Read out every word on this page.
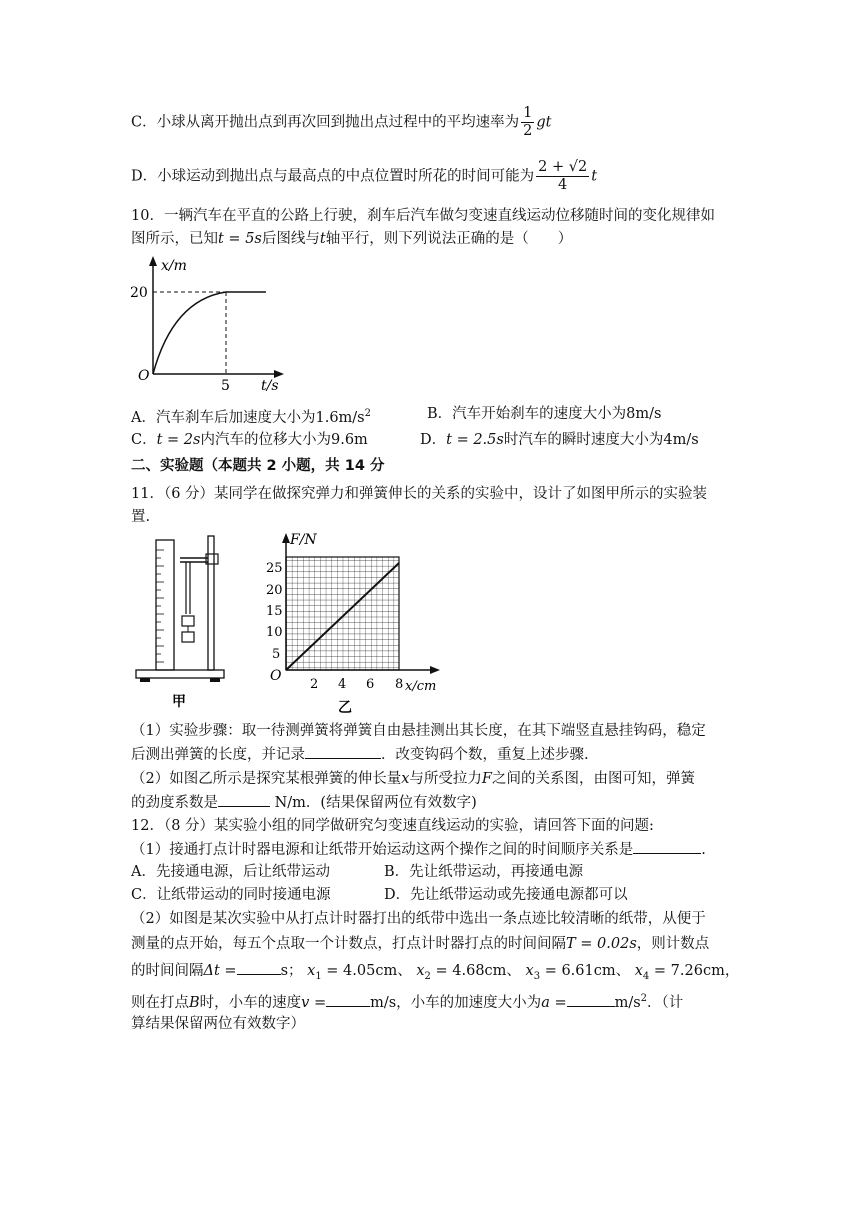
C．小球从离开抛出点到再次回到抛出点过程中的平均速率为 $\frac{1}{2}$ gt
D．小球运动到抛出点与最高点的中点位置时所花的时间可能为 $\frac{2 + √2}{4}$ t
10．一辆汽车在平直的公路上行驶，刹车后汽车做匀变速直线运动位移随时间的变化规律如
图所示，已知t = 5s后图线与t轴平行，则下列说法正确的是（　　）
x/m
20
O
5 t/s
A．汽车刹车后加速度大小为$1.6m/s^2$	B．汽车开始刹车的速度大小为8m/s
C．t = 2s内汽车的位移大小为9.6m	D．t = 2.5s时汽车的瞬时速度大小为4m/s
二、实验题（本题共 2 小题，共 14 分
11．（6 分）某同学在做探究弹力和弹簧伸长的关系的实验中，设计了如图甲所示的实验装
置.
甲
F/N
25
20
15
10
5
O
2 4 6 8 x/cm
乙
（1）实验步骤：取一待测弹簧将弹簧自由悬挂测出其长度，在其下端竖直悬挂钩码，稳定
后测出弹簧的长度，并记录	．改变钩码个数，重复上述步骤.
（2）如图乙所示是探究某根弹簧的伸长量x与所受拉力F之间的关系图，由图可知，弹簧
的劲度系数是	N/m．(结果保留两位有效数字)
12．（8 分）某实验小组的同学做研究匀变速直线运动的实验，请回答下面的问题:
（1）接通打点计时器电源和让纸带开始运动这两个操作之间的时间顺序关系是	.
A．先接通电源，后让纸带运动	B．先让纸带运动，再接通电源
C．让纸带运动的同时接通电源	D．先让纸带运动或先接通电源都可以
（2）如图是某次实验中从打点计时器打出的纸带中选出一条点迹比较清晰的纸带，从便于
测量的点开始，每五个点取一个计数点，打点计时器打点的时间间隔T = 0.02s，则计数点
的时间间隔Δt =	s； $x_1 = 4.05cm$、 $x_2 = 4.68cm$、 $x_3 = 6.61cm$、 $x_4 = 7.26cm$，
则在打点B时，小车的速度v =	m/s，小车的加速度大小为a =	$m/s^2$．（计
算结果保留两位有效数字）
